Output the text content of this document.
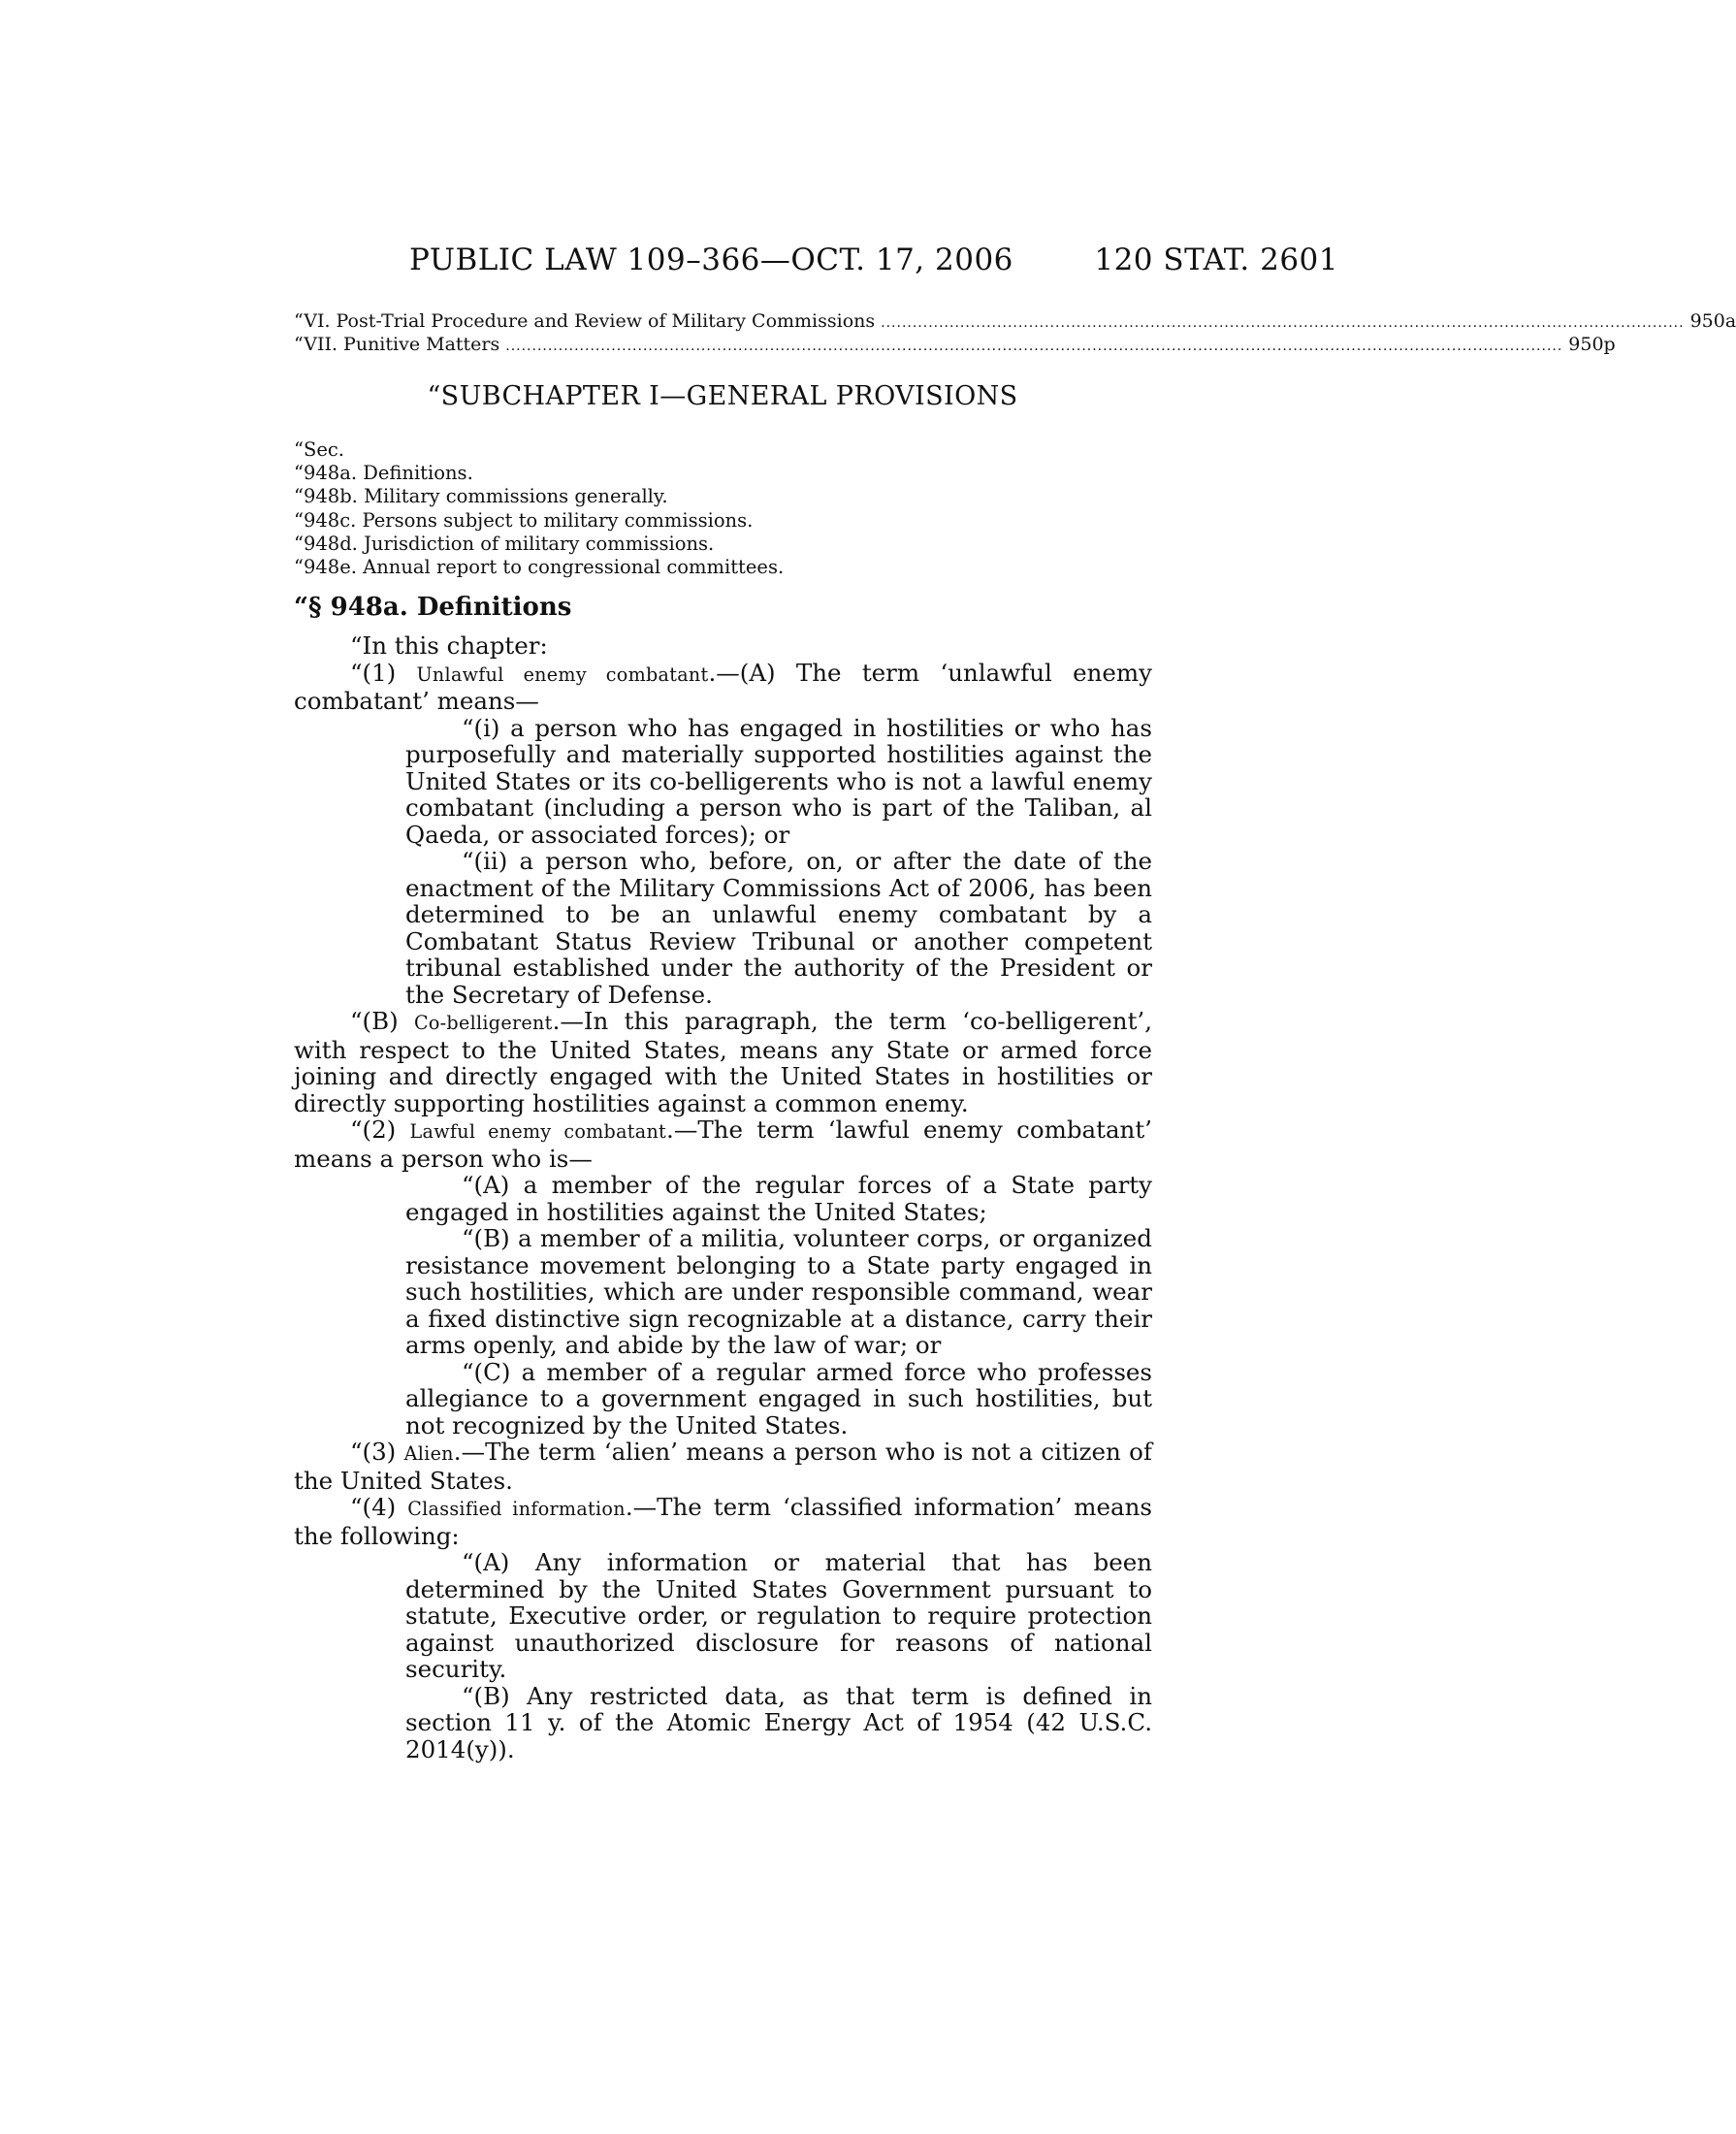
PUBLIC LAW 109–366—OCT. 17, 2006	120 STAT. 2601
“VI. Post-Trial Procedure and Review of Military Commissions ........................................................................................................................................................ 950a
“VII. Punitive Matters ........................................................................................................................................................................................................ 950p
“SUBCHAPTER I—GENERAL PROVISIONS
“Sec.
“948a. Definitions.
“948b. Military commissions generally.
“948c. Persons subject to military commissions.
“948d. Jurisdiction of military commissions.
“948e. Annual report to congressional committees.
“§ 948a. Definitions

“In this chapter:

“(1) Unlawful enemy combatant.—(A) The term ‘unlawful enemy combatant’ means—

“(i) a person who has engaged in hostilities or who has purposefully and materially supported hostilities against the United States or its co-belligerents who is not a lawful enemy combatant (including a person who is part of the Taliban, al Qaeda, or associated forces); or

“(ii) a person who, before, on, or after the date of the enactment of the Military Commissions Act of 2006, has been determined to be an unlawful enemy combatant by a Combatant Status Review Tribunal or another competent tribunal established under the authority of the President or the Secretary of Defense.

“(B) Co-belligerent.—In this paragraph, the term ‘co-belligerent’, with respect to the United States, means any State or armed force joining and directly engaged with the United States in hostilities or directly supporting hostilities against a common enemy.

“(2) Lawful enemy combatant.—The term ‘lawful enemy combatant’ means a person who is—

“(A) a member of the regular forces of a State party engaged in hostilities against the United States;

“(B) a member of a militia, volunteer corps, or organized resistance movement belonging to a State party engaged in such hostilities, which are under responsible command, wear a fixed distinctive sign recognizable at a distance, carry their arms openly, and abide by the law of war; or

“(C) a member of a regular armed force who professes allegiance to a government engaged in such hostilities, but not recognized by the United States.

“(3) Alien.—The term ‘alien’ means a person who is not a citizen of the United States.

“(4) Classified information.—The term ‘classified information’ means the following:

“(A) Any information or material that has been determined by the United States Government pursuant to statute, Executive order, or regulation to require protection against unauthorized disclosure for reasons of national security.

“(B) Any restricted data, as that term is defined in section 11 y. of the Atomic Energy Act of 1954 (42 U.S.C. 2014(y)).
